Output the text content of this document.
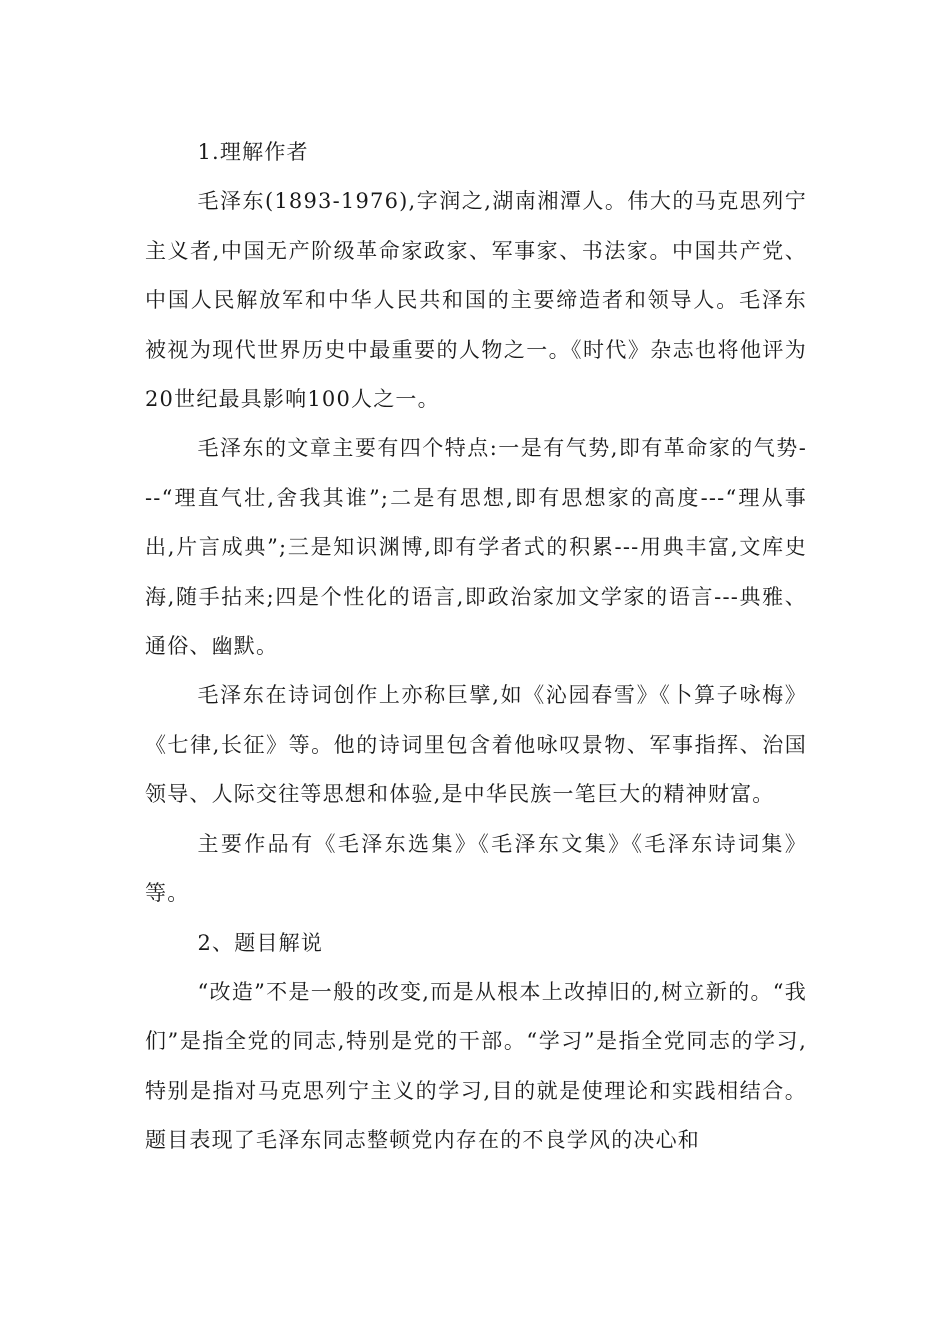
1.理解作者

毛泽东(1893-1976),字润之,湖南湘潭人。伟大的马克思列宁主义者,中国无产阶级革命家政家、军事家、书法家。中国共产党、中国人民解放军和中华人民共和国的主要缔造者和领导人。毛泽东被视为现代世界历史中最重要的人物之一。《时代》杂志也将他评为20世纪最具影响100人之一。

毛泽东的文章主要有四个特点:一是有气势,即有革命家的气势---“理直气壮,舍我其谁”;二是有思想,即有思想家的高度---“理从事出,片言成典”;三是知识渊博,即有学者式的积累---用典丰富,文库史海,随手拈来;四是个性化的语言,即政治家加文学家的语言---典雅、通俗、幽默。

毛泽东在诗词创作上亦称巨擘,如《沁园春雪》《卜算子咏梅》《七律,长征》等。他的诗词里包含着他咏叹景物、军事指挥、治国领导、人际交往等思想和体验,是中华民族一笔巨大的精神财富。

主要作品有《毛泽东选集》《毛泽东文集》《毛泽东诗词集》等。

2、题目解说

“改造”不是一般的改变,而是从根本上改掉旧的,树立新的。“我们”是指全党的同志,特别是党的干部。“学习”是指全党同志的学习,特别是指对马克思列宁主义的学习,目的就是使理论和实践相结合。题目表现了毛泽东同志整顿党内存在的不良学风的决心和
